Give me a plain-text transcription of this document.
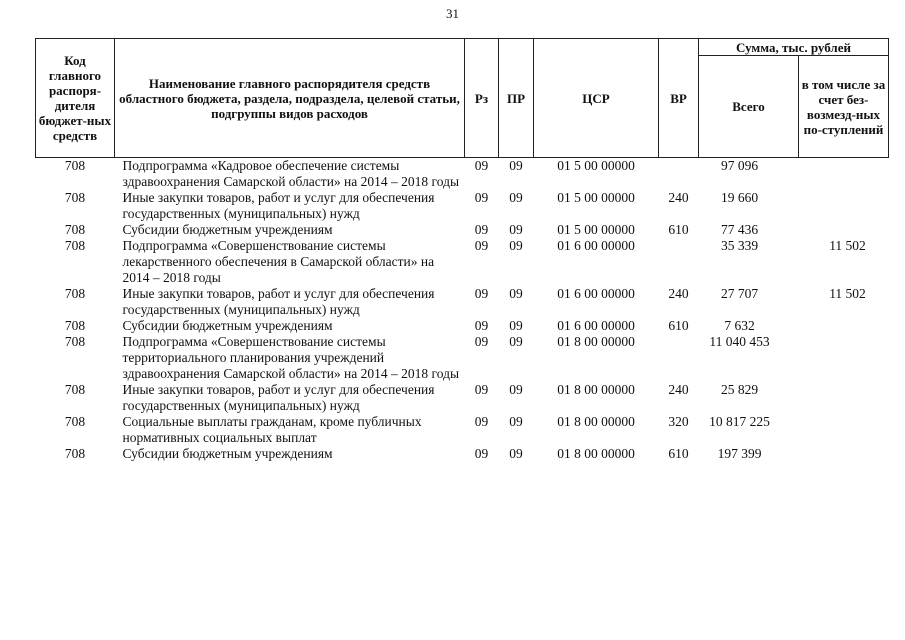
31
Код главного распоря-дителя бюджет-ных средств	Наименование главного распорядителя средств областного бюджета, раздела, подраздела, целевой статьи, подгруппы видов расходов	Рз	ПР	ЦСР	ВР	Сумма, тыс. рублей	
						Всего	в том числе за счет без-возмезд-ных по-ступлений
708	Подпрограмма «Кадровое обеспечение системы здравоохранения Самарской области» на 2014 – 2018 годы	09	09	01 5 00 00000		97 096	
708	Иные закупки товаров, работ и услуг для обеспечения государственных (муниципальных) нужд	09	09	01 5 00 00000	240	19 660	
708	Субсидии бюджетным учреждениям	09	09	01 5 00 00000	610	77 436	
708	Подпрограмма «Совершенствование системы лекарственного обеспечения в Самарской области» на 2014 – 2018 годы	09	09	01 6 00 00000		35 339	11 502
708	Иные закупки товаров, работ и услуг для обеспечения государственных (муниципальных) нужд	09	09	01 6 00 00000	240	27 707	11 502
708	Субсидии бюджетным учреждениям	09	09	01 6 00 00000	610	7 632	
708	Подпрограмма «Совершенствование системы территориального планирования учреждений здравоохранения Самарской области» на 2014 – 2018 годы	09	09	01 8 00 00000		11 040 453	
708	Иные закупки товаров, работ и услуг для обеспечения государственных (муниципальных) нужд	09	09	01 8 00 00000	240	25 829	
708	Социальные выплаты гражданам, кроме публичных нормативных социальных выплат	09	09	01 8 00 00000	320	10 817 225	
708	Субсидии бюджетным учреждениям	09	09	01 8 00 00000	610	197 399	
